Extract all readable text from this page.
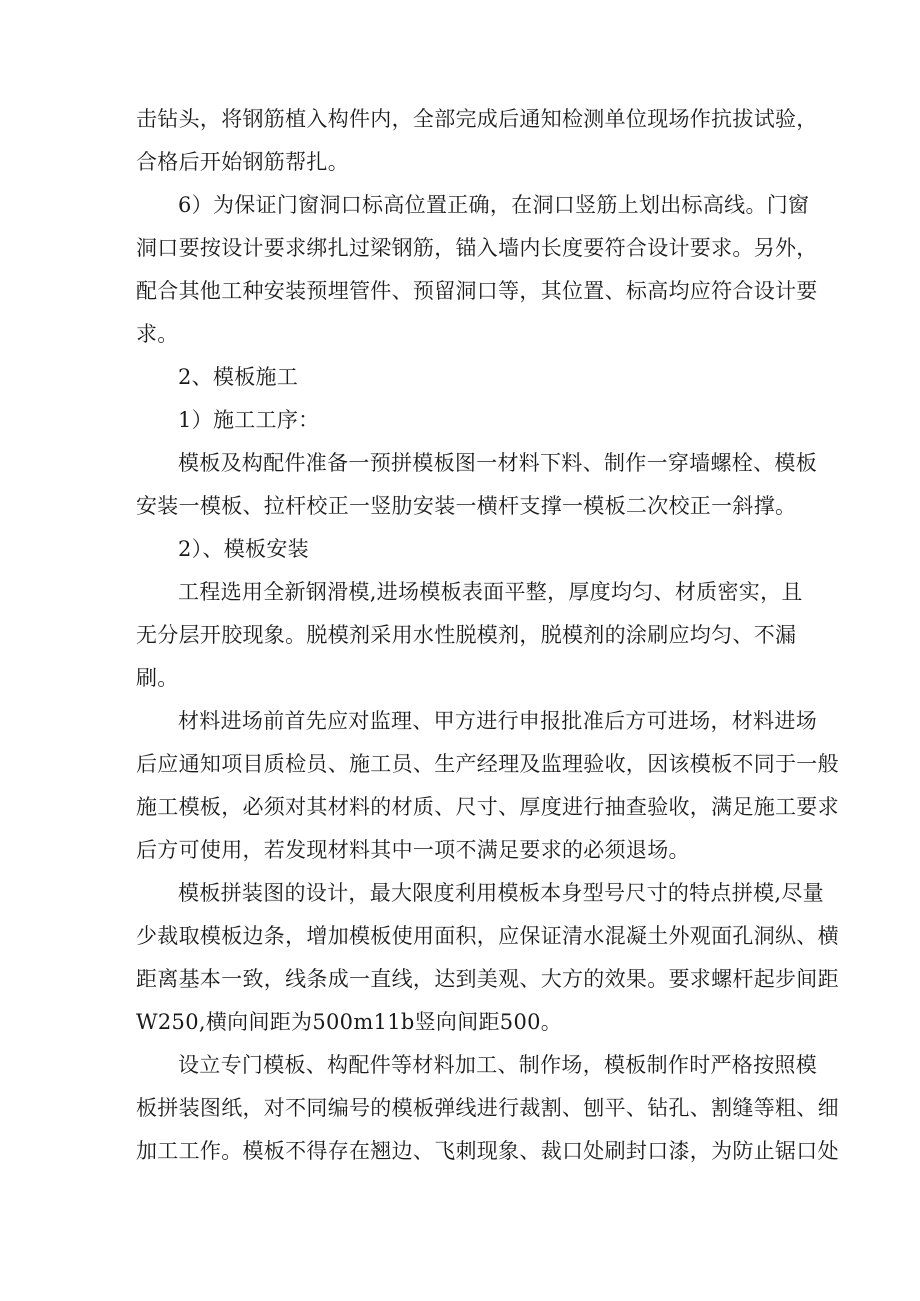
击钻头，将钢筋植入构件内，全部完成后通知检测单位现场作抗拔试验，
合格后开始钢筋帮扎。

6）为保证门窗洞口标高位置正确，在洞口竖筋上划出标高线。门窗
洞口要按设计要求绑扎过梁钢筋，锚入墙内长度要符合设计要求。另外，
配合其他工种安装预埋管件、预留洞口等，其位置、标高均应符合设计要
求。

2、模板施工

1）施工工序：

模板及构配件准备一预拼模板图一材料下料、制作一穿墙螺栓、模板
安装一模板、拉杆校正一竖肋安装一横杆支撑一模板二次校正一斜撑。

2）、模板安装

工程选用全新钢滑模,进场模板表面平整，厚度均匀、材质密实，且
无分层开胶现象。脱模剂采用水性脱模剂，脱模剂的涂刷应均匀、不漏
刷。

材料进场前首先应对监理、甲方进行申报批准后方可进场，材料进场
后应通知项目质检员、施工员、生产经理及监理验收，因该模板不同于一般
施工模板，必须对其材料的材质、尺寸、厚度进行抽查验收，满足施工要求
后方可使用，若发现材料其中一项不满足要求的必须退场。

模板拼装图的设计，最大限度利用模板本身型号尺寸的特点拼模,尽量
少裁取模板边条，增加模板使用面积，应保证清水混凝土外观面孔洞纵、横
距离基本一致，线条成一直线，达到美观、大方的效果。要求螺杆起步间距
W250,横向间距为500m11b竖向间距500。

设立专门模板、构配件等材料加工、制作场，模板制作时严格按照模
板拼装图纸，对不同编号的模板弹线进行裁割、刨平、钻孔、割缝等粗、细
加工工作。模板不得存在翘边、飞刺现象、裁口处刷封口漆，为防止锯口处
